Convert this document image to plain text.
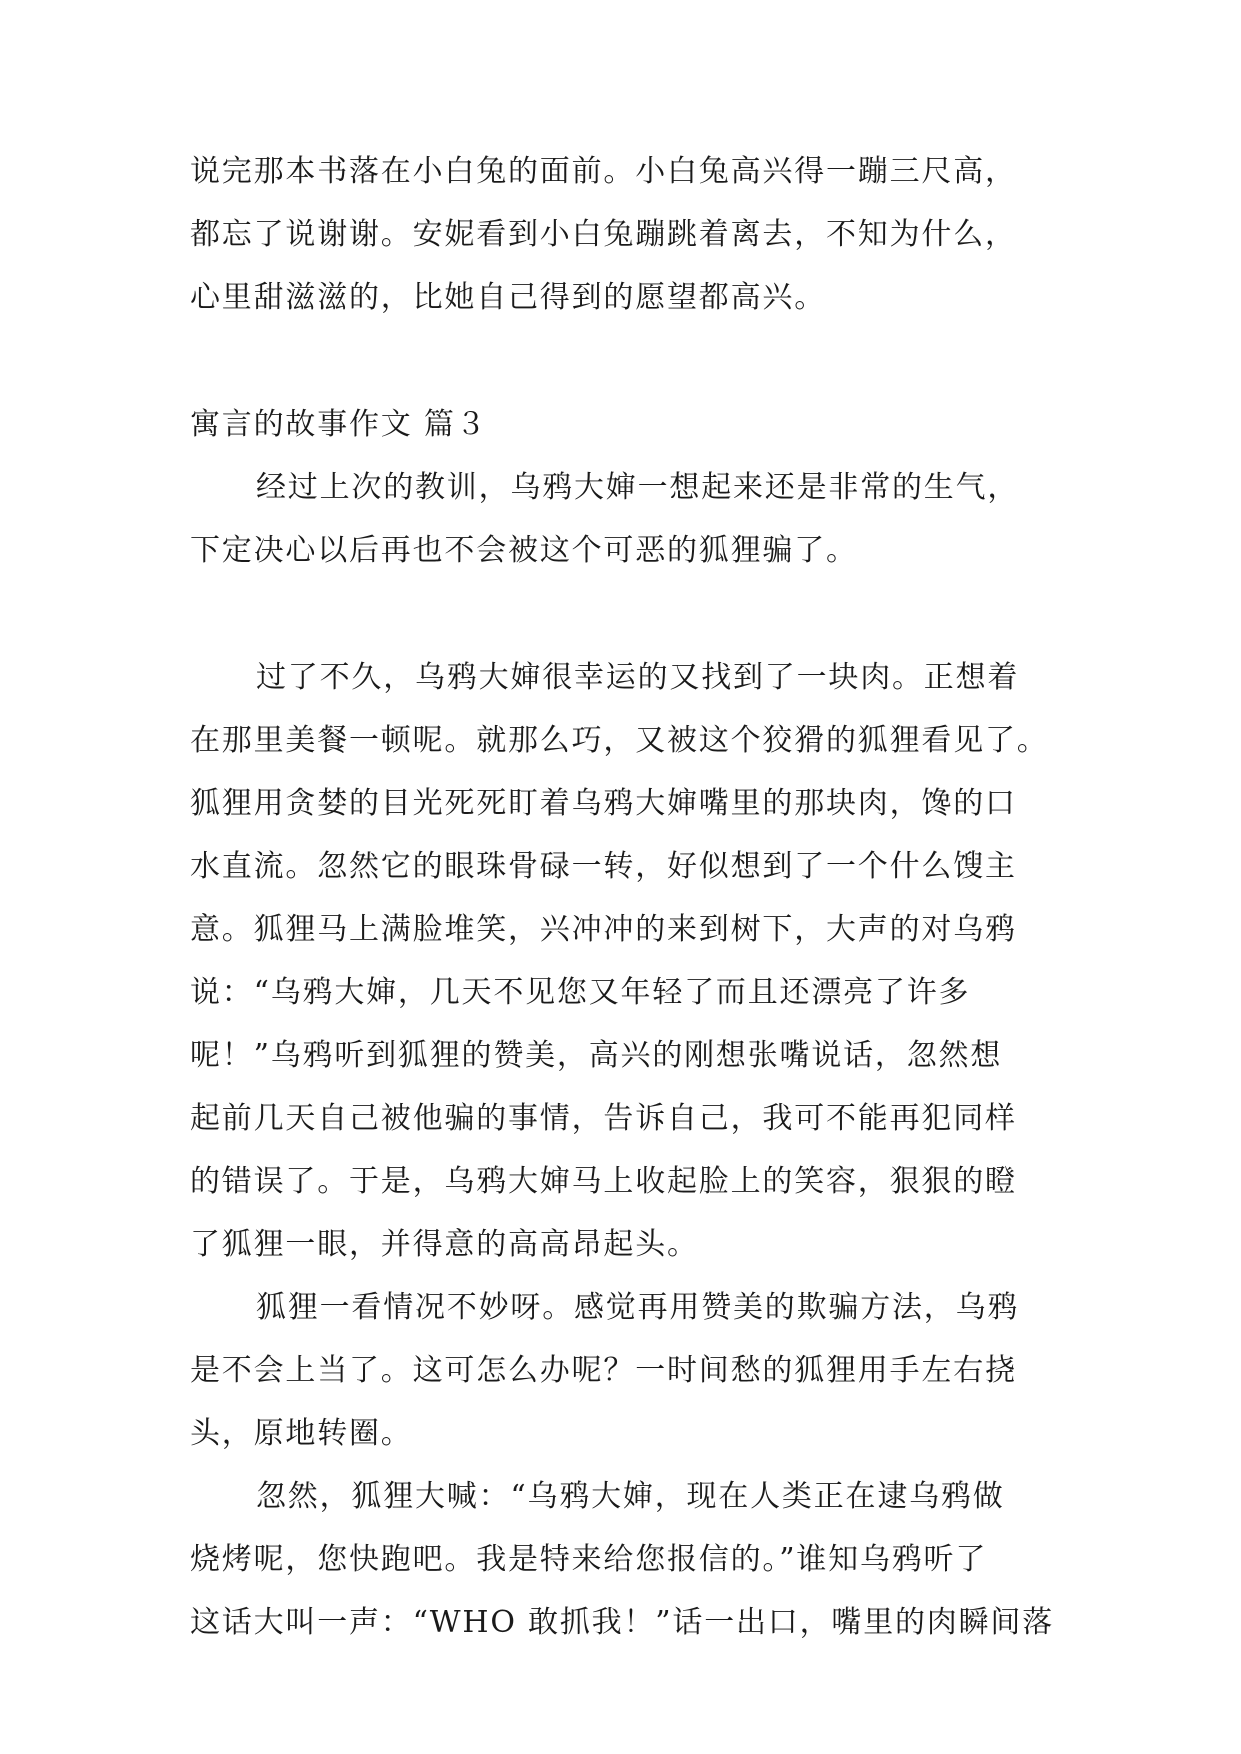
说完那本书落在小白兔的面前。小白兔高兴得一蹦三尺高，
都忘了说谢谢。安妮看到小白兔蹦跳着离去，不知为什么，
心里甜滋滋的，比她自己得到的愿望都高兴。
寓言的故事作文 篇３
经过上次的教训，乌鸦大婶一想起来还是非常的生气，
下定决心以后再也不会被这个可恶的狐狸骗了。
过了不久，乌鸦大婶很幸运的又找到了一块肉。正想着
在那里美餐一顿呢。就那么巧，又被这个狡猾的狐狸看见了。
狐狸用贪婪的目光死死盯着乌鸦大婶嘴里的那块肉，馋的口
水直流。忽然它的眼珠骨碌一转，好似想到了一个什么馊主
意。狐狸马上满脸堆笑，兴冲冲的来到树下，大声的对乌鸦
说：“乌鸦大婶，几天不见您又年轻了而且还漂亮了许多
呢！”乌鸦听到狐狸的赞美，高兴的刚想张嘴说话，忽然想
起前几天自己被他骗的事情，告诉自己，我可不能再犯同样
的错误了。于是，乌鸦大婶马上收起脸上的笑容，狠狠的瞪
了狐狸一眼，并得意的高高昂起头。
狐狸一看情况不妙呀。感觉再用赞美的欺骗方法，乌鸦
是不会上当了。这可怎么办呢？一时间愁的狐狸用手左右挠
头，原地转圈。
忽然，狐狸大喊：“乌鸦大婶，现在人类正在逮乌鸦做
烧烤呢，您快跑吧。我是特来给您报信的。”谁知乌鸦听了
这话大叫一声：“WHO 敢抓我！”话一出口，嘴里的肉瞬间落
